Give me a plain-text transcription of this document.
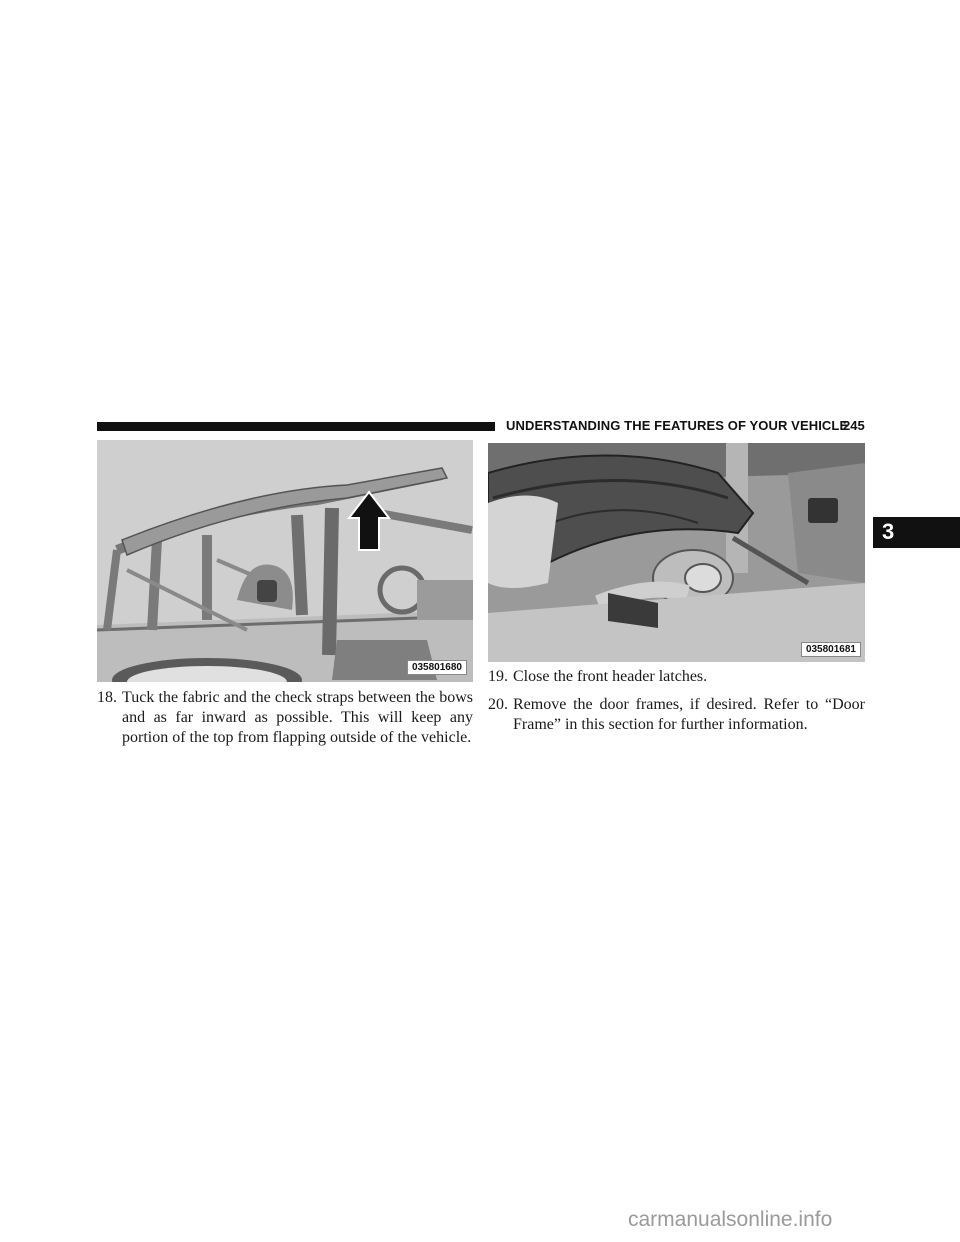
UNDERSTANDING THE FEATURES OF YOUR VEHICLE
245
3
035801680
035801681
18. Tuck the fabric and the check straps between the bows and as far inward as possible. This will keep any portion of the top from flapping outside of the vehicle.
19. Close the front header latches.
20. Remove the door frames, if desired. Refer to “Door Frame” in this section for further information.
carmanualsonline.info
